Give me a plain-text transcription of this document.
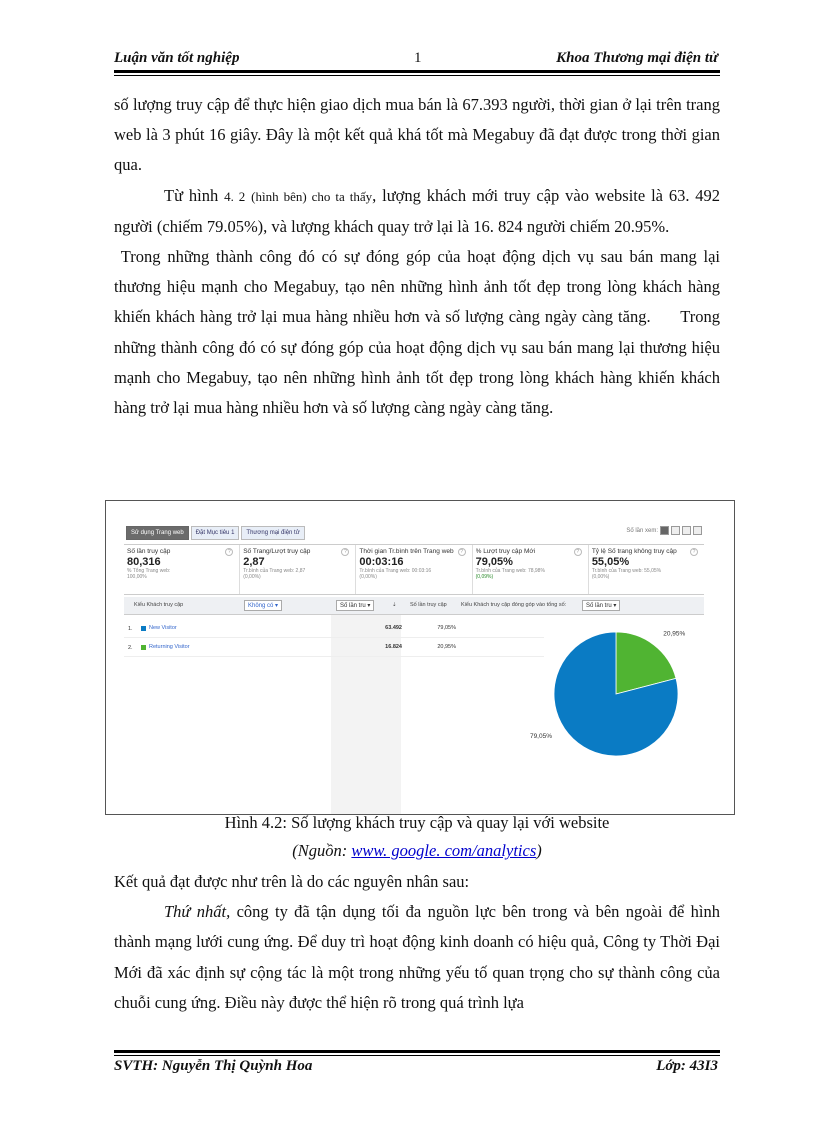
Luận văn tốt nghiệp	1	Khoa Thương mại điện tử

số lượng truy cập để thực hiện giao dịch mua bán là 67.393 người, thời gian ở lại trên trang web là 3 phút 16 giây. Đây là một kết quả khá tốt mà Megabuy đã đạt được trong thời gian qua.

Từ hình 4. 2 (hình bên) cho ta thấy, lượng khách mới truy cập vào website là 63. 492 người (chiếm 79.05%), và lượng khách quay trở lại là 16. 824 người chiếm 20.95%.

Trong những thành công đó có sự đóng góp của hoạt động dịch vụ sau bán mang lại thương hiệu mạnh cho Megabuy, tạo nên những hình ảnh tốt đẹp trong lòng khách hàng khiến khách hàng trở lại mua hàng nhiều hơn và số lượng càng ngày càng tăng.      Trong những thành công đó có sự đóng góp của hoạt động dịch vụ sau bán mang lại thương hiệu mạnh cho Megabuy, tạo nên những hình ảnh tốt đẹp trong lòng khách hàng khiến khách hàng trở lại mua hàng nhiều hơn và số lượng càng ngày càng tăng.

Sử dụng Trang web	Đặt Mục tiêu 1	Thương mại điện tử	Số lần xem:
Số lần truy cập
80,316
% Tổng Trang web:
100,00%
?	Số Trang/Lượt truy cập
2,87
Tr.bình của Trang web: 2,87
(0,00%)
?	Thời gian Tr.bình trên Trang web
00:03:16
Tr.bình của Trang web: 00:03:16
(0,00%)
?	% Lượt truy cập Mới
79,05%
Tr.bình của Trang web: 78,98%
(0,09%)
?	Tỷ lệ Số trang không truy cập
55,05%
Tr.bình của Trang web: 55,05%
(0,00%)
?
Kiểu Khách truy cập	Không có ▾	Số lần tru ▾	⇣ Số lần truy cập	Kiểu Khách truy cập đóng góp vào tổng số:	Số lần tru ▾
1.	New Visitor	63.492	79,05%
2.	Returning Visitor	16.824	20,95%
20,95%
79,05%
Hình 4.2: Số lượng khách truy cập và quay lại với website
(Nguồn: www. google. com/analytics)

Kết quả đạt được như trên là do các nguyên nhân sau:

Thứ nhất, công ty đã tận dụng tối đa nguồn lực bên trong và bên ngoài để hình thành mạng lưới cung ứng. Để duy trì hoạt động kinh doanh có hiệu quả, Công ty Thời Đại Mới đã xác định sự cộng tác là một trong những yếu tố quan trọng cho sự thành công của chuỗi cung ứng. Điều này được thể hiện rõ trong quá trình lựa

SVTH: Nguyễn Thị Quỳnh Hoa	Lớp: 43I3
